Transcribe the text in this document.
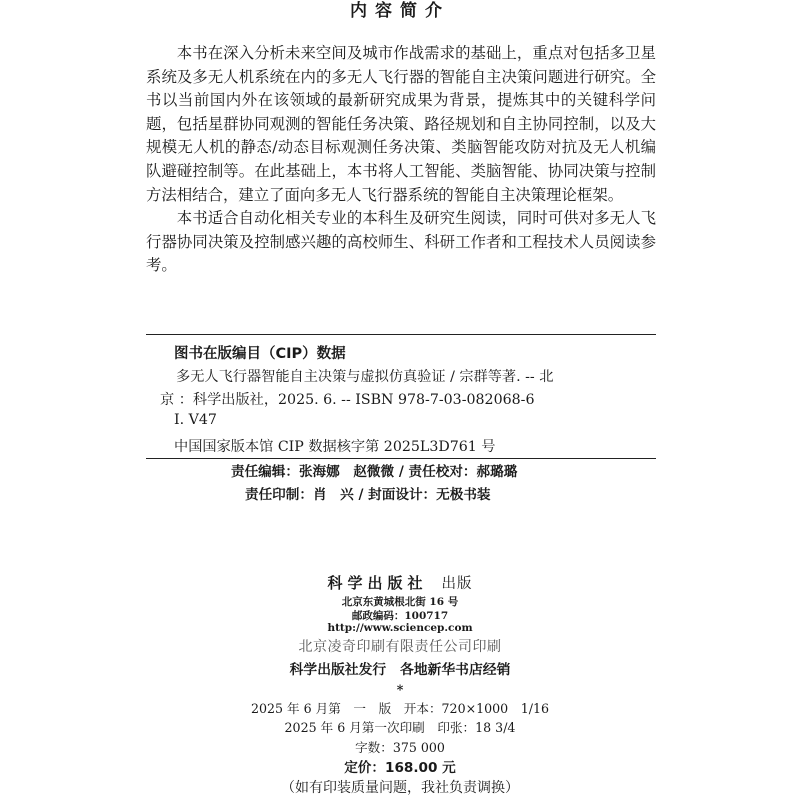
内容简介

本书在深入分析未来空间及城市作战需求的基础上，重点对包括多卫星系统及多无人机系统在内的多无人飞行器的智能自主决策问题进行研究。全书以当前国内外在该领域的最新研究成果为背景，提炼其中的关键科学问题，包括星群协同观测的智能任务决策、路径规划和自主协同控制，以及大规模无人机的静态/动态目标观测任务决策、类脑智能攻防对抗及无人机编队避碰控制等。在此基础上，本书将人工智能、类脑智能、协同决策与控制方法相结合，建立了面向多无人飞行器系统的智能自主决策理论框架。

本书适合自动化相关专业的本科生及研究生阅读，同时可供对多无人飞行器协同决策及控制感兴趣的高校师生、科研工作者和工程技术人员阅读参考。

图书在版编目（CIP）数据
多无人飞行器智能自主决策与虚拟仿真验证 / 宗群等著. -- 北
京 ：科学出版社，2025. 6. -- ISBN 978-7-03-082068-6
Ⅰ. V47
中国国家版本馆 CIP 数据核字第 2025L3D761 号
责任编辑：张海娜　赵微微 / 责任校对：郝璐璐
责任印制：肖　兴 / 封面设计：无极书装
科学出版社 出版
北京东黄城根北街 16 号
邮政编码：100717
http://www.sciencep.com
北京凌奇印刷有限责任公司印刷
科学出版社发行　各地新华书店经销
*
2025 年 6 月第　一　版　开本：720×1000　1/16
2025 年 6 月第一次印刷　印张：18 3/4
字数：375 000
定价：168.00 元
（如有印装质量问题，我社负责调换）
